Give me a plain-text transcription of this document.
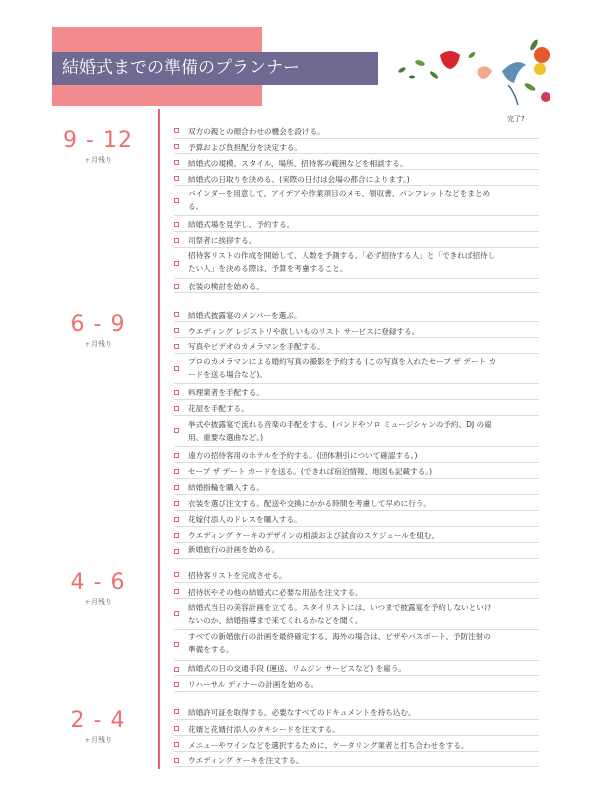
結婚式までの準備のプランナー
完了?
9 - 12
ヶ月残り
双方の親との顔合わせの機会を設ける。
予算および負担配分を決定する。
結婚式の規模、スタイル、場所、招待客の範囲などを相談する。
結婚式の日取りを決める。(実際の日付は会場の都合によります。)
バインダーを用意して、アイデアや作業項目のメモ、領収書、パンフレットなどをまとめる。
結婚式場を見学し、予約する。
司祭者に挨拶する。
招待客リストの作成を開始して、人数を予測する。「必ず招待する人」と「できれば招待したい人」を決める際は、予算を考慮すること。
衣装の検討を始める。
6 - 9
ヶ月残り
結婚式披露宴のメンバーを選ぶ。
ウエディング レジストリや欲しいものリスト サービスに登録する。
写真やビデオのカメラマンを手配する。
プロのカメラマンによる婚約写真の撮影を予約する (この写真を入れたセーブ ザ デート カードを送る場合など)。
料理業者を手配する。
花屋を手配する。
挙式や披露宴で流れる音楽の手配をする。(バンドやソロ ミュージシャンの予約、DJ の雇用、重要な選曲など。)
遠方の招待客用のホテルを予約する。(団体割引について確認する。)
セーブ ザ デート カードを送る。(できれば宿泊情報、地図も記載する。)
結婚指輪を購入する。
衣装を選び注文する。配送や交換にかかる時間を考慮して早めに行う。
花嫁付添人のドレスを購入する。
ウエディング ケーキのデザインの相談および試食のスケジュールを組む。
新婚旅行の計画を始める。
4 - 6
ヶ月残り
招待客リストを完成させる。
招待状やその他の結婚式に必要な用品を注文する。
結婚式当日の美容計画を立てる。スタイリストには、いつまで披露宴を予約しないといけないのか、結婚指導まで来てくれるかなどを聞く。
すべての新婚旅行の計画を最終確定する。海外の場合は、ビザやパスポート、予防注射の準備をする。
結婚式の日の交通手段 (運送、リムジン サービスなど) を雇う。
リハーサル ディナーの計画を始める。
2 - 4
ヶ月残り
結婚許可証を取得する。必要なすべてのドキュメントを持ち込む。
花婿と花婿付添人のタキシードを注文する。
メニューやワインなどを選択するために、ケータリング業者と打ち合わせをする。
ウエディング ケーキを注文する。
